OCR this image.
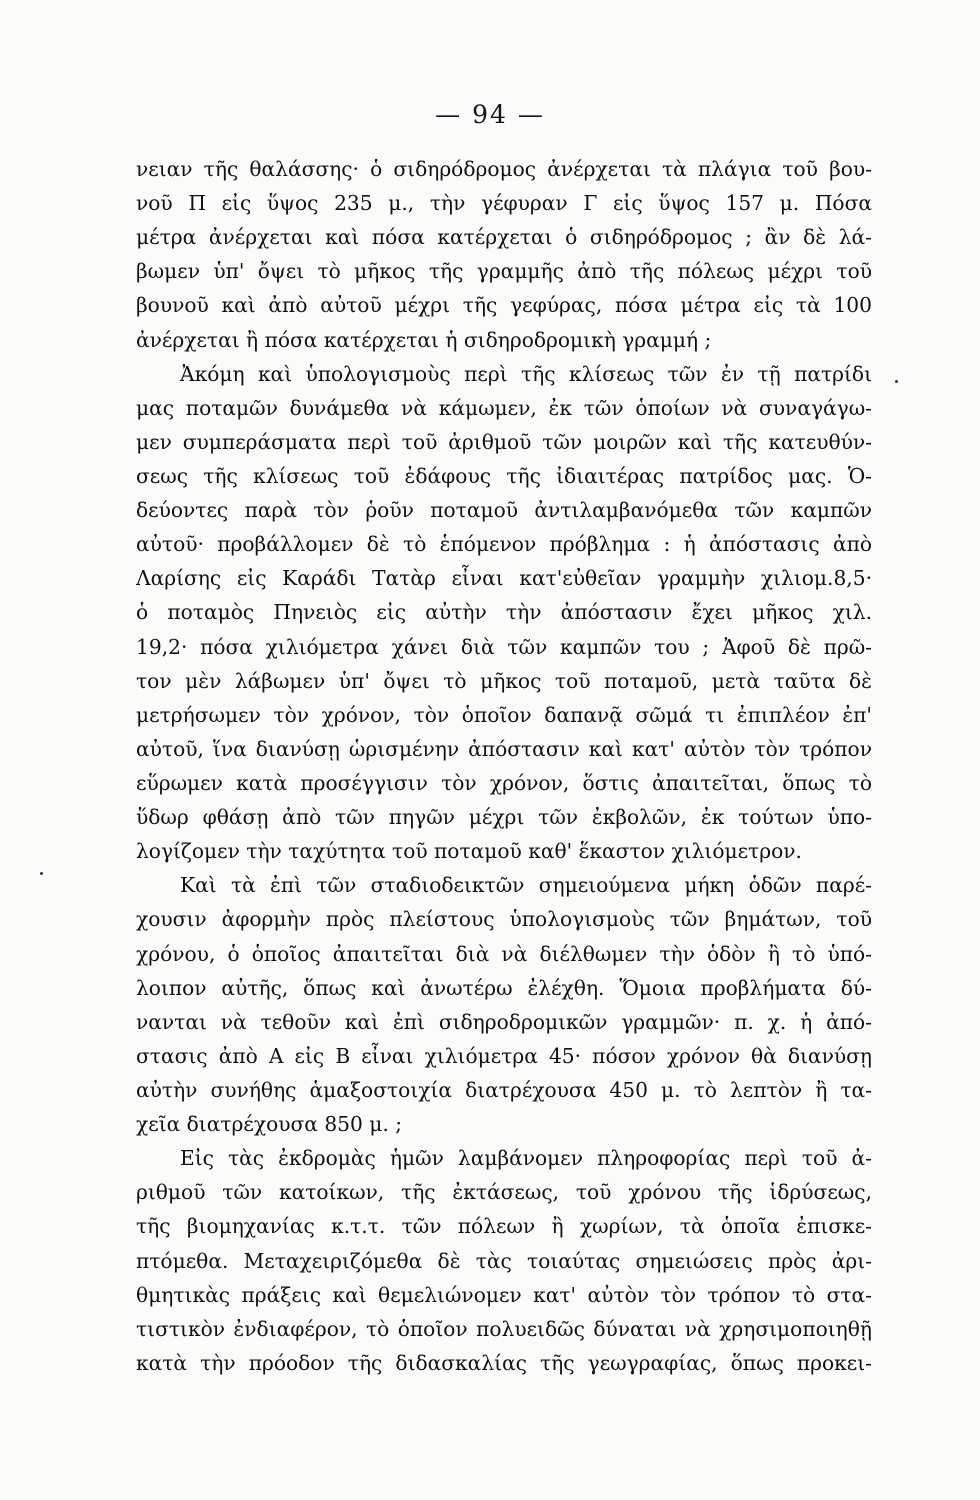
— 94 —
νειαν τῆς θαλάσσης· ὁ σιδηρόδρομος ἀνέρχεται τὰ πλάγια τοῦ βου-
νοῦ Π εἰς ὕψος 235 μ., τὴν γέφυραν Γ εἰς ὕψος 157 μ. Πόσα
μέτρα ἀνέρχεται καὶ πόσα κατέρχεται ὁ σιδηρόδρομος ; ἂν δὲ λά-
βωμεν ὑπ' ὄψει τὸ μῆκος τῆς γραμμῆς ἀπὸ τῆς πόλεως μέχρι τοῦ
βουνοῦ καὶ ἀπὸ αὐτοῦ μέχρι τῆς γεφύρας, πόσα μέτρα εἰς τὰ 100
ἀνέρχεται ἢ πόσα κατέρχεται ἡ σιδηροδρομικὴ γραμμή ;
Ἀκόμη καὶ ὑπολογισμοὺς περὶ τῆς κλίσεως τῶν ἐν τῇ πατρίδι
μας ποταμῶν δυνάμεθα νὰ κάμωμεν, ἐκ τῶν ὁποίων νὰ συναγάγω-
μεν συμπεράσματα περὶ τοῦ ἀριθμοῦ τῶν μοιρῶν καὶ τῆς κατευθύν-
σεως τῆς κλίσεως τοῦ ἐδάφους τῆς ἰδιαιτέρας πατρίδος μας. Ὁ-
δεύοντες παρὰ τὸν ῥοῦν ποταμοῦ ἀντιλαμβανόμεθα τῶν καμπῶν
αὐτοῦ· προβάλλομεν δὲ τὸ ἑπόμενον πρόβλημα : ἡ ἀπόστασις ἀπὸ
Λαρίσης εἰς Καράδι Τατὰρ εἶναι κατ'εὐθεῖαν γραμμὴν χιλιομ.8,5·
ὁ ποταμὸς Πηνειὸς εἰς αὐτὴν τὴν ἀπόστασιν ἔχει μῆκος χιλ.
19,2· πόσα χιλιόμετρα χάνει διὰ τῶν καμπῶν του ; Ἀφοῦ δὲ πρῶ-
τον μὲν λάβωμεν ὑπ' ὄψει τὸ μῆκος τοῦ ποταμοῦ, μετὰ ταῦτα δὲ
μετρήσωμεν τὸν χρόνον, τὸν ὁποῖον δαπανᾷ σῶμά τι ἐπιπλέον ἐπ'
αὐτοῦ, ἵνα διανύσῃ ὡρισμένην ἀπόστασιν καὶ κατ' αὐτὸν τὸν τρόπον
εὕρωμεν κατὰ προσέγγισιν τὸν χρόνον, ὅστις ἀπαιτεῖται, ὅπως τὸ
ὕδωρ φθάσῃ ἀπὸ τῶν πηγῶν μέχρι τῶν ἐκβολῶν, ἐκ τούτων ὑπο-
λογίζομεν τὴν ταχύτητα τοῦ ποταμοῦ καθ' ἕκαστον χιλιόμετρον.
Καὶ τὰ ἐπὶ τῶν σταδιοδεικτῶν σημειούμενα μήκη ὁδῶν παρέ-
χουσιν ἀφορμὴν πρὸς πλείστους ὑπολογισμοὺς τῶν βημάτων, τοῦ
χρόνου, ὁ ὁποῖος ἀπαιτεῖται διὰ νὰ διέλθωμεν τὴν ὁδὸν ἢ τὸ ὑπό-
λοιπον αὐτῆς, ὅπως καὶ ἀνωτέρω ἐλέχθη. Ὅμοια προβλήματα δύ-
νανται νὰ τεθοῦν καὶ ἐπὶ σιδηροδρομικῶν γραμμῶν· π. χ. ἡ ἀπό-
στασις ἀπὸ Α εἰς Β εἶναι χιλιόμετρα 45· πόσον χρόνον θὰ διανύσῃ
αὐτὴν συνήθης ἁμαξοστοιχία διατρέχουσα 450 μ. τὸ λεπτὸν ἢ τα-
χεῖα διατρέχουσα 850 μ. ;
Εἰς τὰς ἐκδρομὰς ἡμῶν λαμβάνομεν πληροφορίας περὶ τοῦ ἀ-
ριθμοῦ τῶν κατοίκων, τῆς ἐκτάσεως, τοῦ χρόνου τῆς ἱδρύσεως,
τῆς βιομηχανίας κ.τ.τ. τῶν πόλεων ἢ χωρίων, τὰ ὁποῖα ἐπισκε-
πτόμεθα. Μεταχειριζόμεθα δὲ τὰς τοιαύτας σημειώσεις πρὸς ἀρι-
θμητικὰς πράξεις καὶ θεμελιώνομεν κατ' αὐτὸν τὸν τρόπον τὸ στα-
τιστικὸν ἐνδιαφέρον, τὸ ὁποῖον πολυειδῶς δύναται νὰ χρησιμοποιηθῇ
κατὰ τὴν πρόοδον τῆς διδασκαλίας τῆς γεωγραφίας, ὅπως προκει-
